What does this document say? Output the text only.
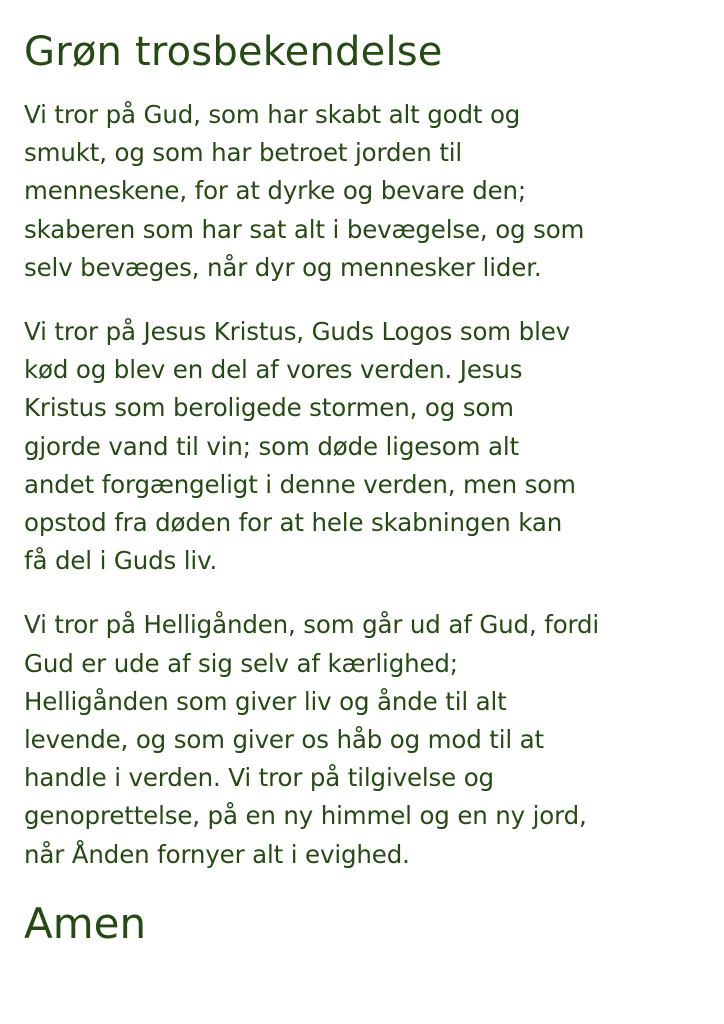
Grøn trosbekendelse

Vi tror på Gud, som har skabt alt godt og
smukt, og som har betroet jorden til
menneskene, for at dyrke og bevare den;
skaberen som har sat alt i bevægelse, og som
selv bevæges, når dyr og mennesker lider.

Vi tror på Jesus Kristus, Guds Logos som blev
kød og blev en del af vores verden. Jesus
Kristus som beroligede stormen, og som
gjorde vand til vin; som døde ligesom alt
andet forgængeligt i denne verden, men som
opstod fra døden for at hele skabningen kan
få del i Guds liv.

Vi tror på Helligånden, som går ud af Gud, fordi
Gud er ude af sig selv af kærlighed;
Helligånden som giver liv og ånde til alt
levende, og som giver os håb og mod til at
handle i verden. Vi tror på tilgivelse og
genoprettelse, på en ny himmel og en ny jord,
når Ånden fornyer alt i evighed.

Amen
